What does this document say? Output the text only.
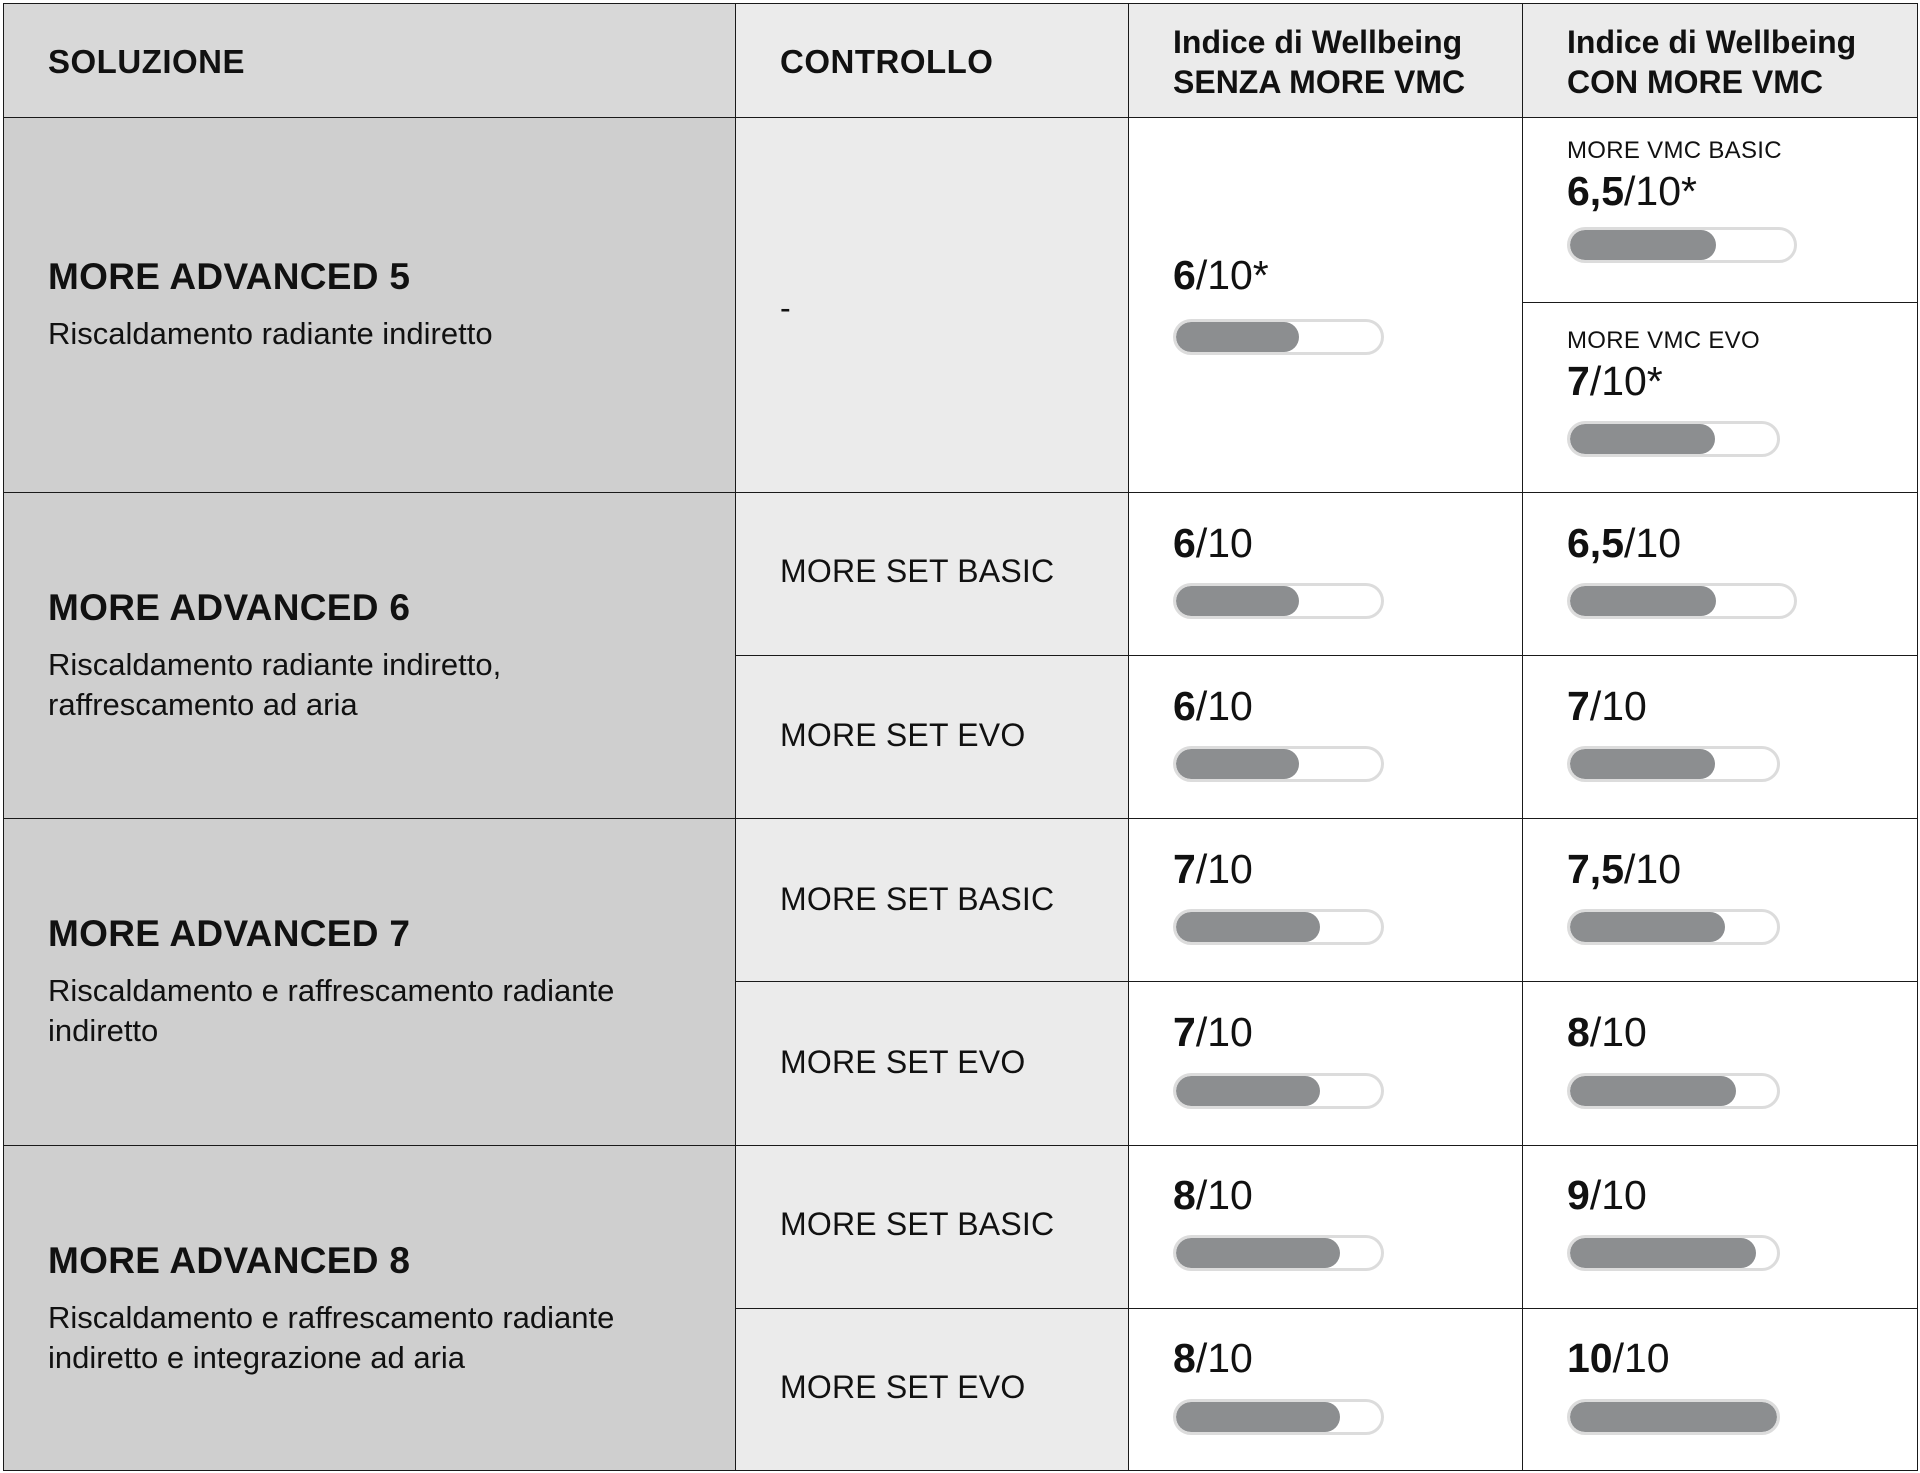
SOLUZIONE	CONTROLLO
Indice di Wellbeing
SENZA MORE VMC
Indice di Wellbeing
CON MORE VMC
MORE ADVANCED 5
Riscaldamento radiante indiretto
-
6/10*
MORE VMC BASIC
6,5/10*
MORE VMC EVO
7/10*
MORE ADVANCED 6
Riscaldamento radiante indiretto, raffrescamento ad aria
MORE SET BASIC
MORE SET EVO
6/10
6/10
6,5/10
7/10
MORE ADVANCED 7
Riscaldamento e raffrescamento radiante indiretto
MORE SET BASIC
MORE SET EVO
7/10
7/10
7,5/10
8/10
MORE ADVANCED 8
Riscaldamento e raffrescamento radiante indiretto e integrazione ad aria
MORE SET BASIC
MORE SET EVO
8/10
8/10
9/10
10/10
